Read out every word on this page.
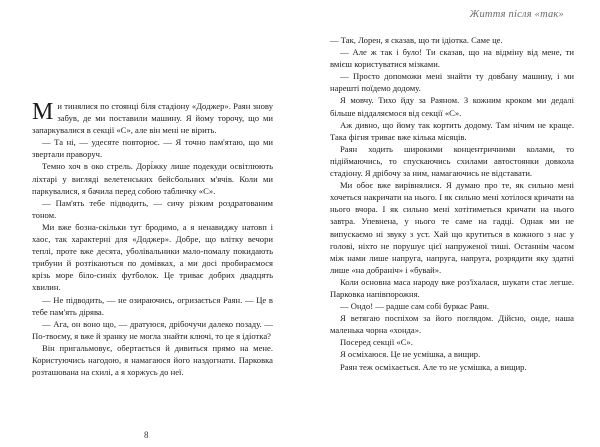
Ми тинялися по стоянці біля стадіону «Доджер». Раян знову забув, де ми поставили машину. Я йому торочу, що ми запаркувалися в секції «С», але він мені не вірить.

— Та ні, — удесяте повторює. — Я точно пам'ятаю, що ми звертали праворуч.

Темно хоч в око стрель. Дорі́жку лише подекуди освітлюють ліхтарі у вигляді велетенських бейсбольних м'ячів. Коли ми паркувалися, я бачила перед собою табличку «С».

— Пам'ять тебе підводить, — сичу різким роздратованим тоном.

Ми вже бозна-скільки тут бродимо, а я ненавиджу натовп і хаос, так характерні для «Доджер». Добре, що влітку вечори теплі, проте вже десята, уболівальники мало-помалу покидають трибуни й розтікаються по домівках, а ми досі пробираємося крізь море біло-синіх футболок. Це триває добрих двадцять хвилин.

— Не підводить, — не озираючись, огризається Раян. — Це в тебе пам'ять дірява.

— Ага, он воно що, — дратуюся, дрібочучи далеко позаду. — По-твоєму, я вже й зранку не могла знайти ключі, то це я ідіотка?

Він пригальмовує, обертається й дивиться прямо на мене. Користуючись нагодою, я намагаюся його наздогнати. Парковка розташована на схилі, а я хоржусь до неї.

8
Життя після «так»

— Так, Лорен, я сказав, що ти ідіотка. Саме це.

— Але ж так і було! Ти сказав, що на відміну від мене, ти вмієш користуватися мізками.

— Просто допоможи мені знайти ту довбану машину, і ми нарешті поїдемо додому.

Я мовчу. Тихо йду за Раяном. З кожним кроком ми дедалі більше віддаляємося від секції «С».

Аж дивно, що йому так кортить додому. Там нічим не краще. Така фігня триває вже кілька місяців.

Раян ходить широкими концентричними колами, то підіймаючись, то спускаючись схилами автостоянки довкола стадіону. Я дрібочу за ним, намагаючись не відставати.

Ми обоє вже вирівнялися. Я думаю про те, як сильно мені хочеться накричати на нього. І як сильно мені хотілося кричати на нього вчора. І як сильно мені хотітиметься кричати на нього завтра. Упевнена, у нього те саме на гадці. Однак ми не випускаємо ні звуку з уст. Хай що крутиться в кожного з нас у голові, ніхто не порушує цієї напруженої тиші. Останнім часом між нами лише напруга, напруга, напруга, розрядити яку здатні лише «на добраніч» і «бувай».

Коли основна маса народу вже роз'їхалася, шукати стає легше. Парковка напівпорожня.

— Ондо! — радше сам собі буркає Раян.

Я ветягаю поспіхом за його поглядом. Дійсно, онде, наша маленька чорна «хонда».

Посеред секції «С».

Я осміхаюся. Це не усмішка, а вищир.

Раян теж осміхається. Але то не усмішка, а вищир.
